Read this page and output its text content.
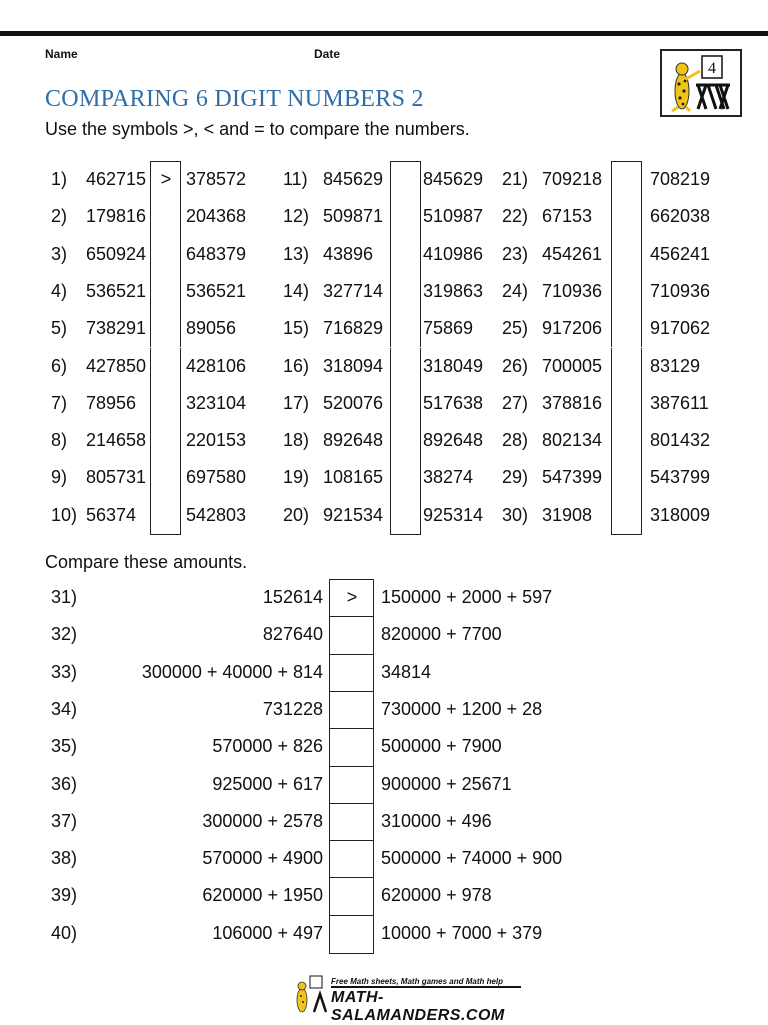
Name	Date
COMPARING 6 DIGIT NUMBERS 2
Use the symbols >, < and = to compare the numbers.
4
1) 462715 > 378572
2) 179816 204368
3) 650924 648379
4) 536521 536521
5) 738291 89056
6) 427850 428106
7) 78956	323104
8) 214658 220153
9) 805731 697580
10) 56374	542803
11) 845629 845629
12) 509871 510987
13) 43896	410986
14) 327714 319863
15) 716829 75869
16) 318094 318049
17) 520076 517638
18) 892648 892648
19) 108165 38274
20) 921534 925314
21) 709218	708219
22) 67153	662038
23) 454261	456241
24) 710936	710936
25) 917206	917062
26) 700005	83129
27) 378816	387611
28) 802134	801432
29) 547399	543799
30) 31908	318009
Compare these amounts.
31)	152614	>	150000 + 2000 + 597
32)	827640	820000 + 7700
33)	300000 + 40000 + 814	34814
34)	731228	730000 + 1200 + 28
35)	570000 + 826	500000 + 7900
36)	925000 + 617	900000 + 25671
37)	300000 + 2578	310000 + 496
38)	570000 + 4900	500000 + 74000 + 900
39)	620000 + 1950	620000 + 978
40)	106000 + 497	10000 + 7000 + 379
Free Math sheets, Math games and Math help
MATH-SALAMANDERS.COM
